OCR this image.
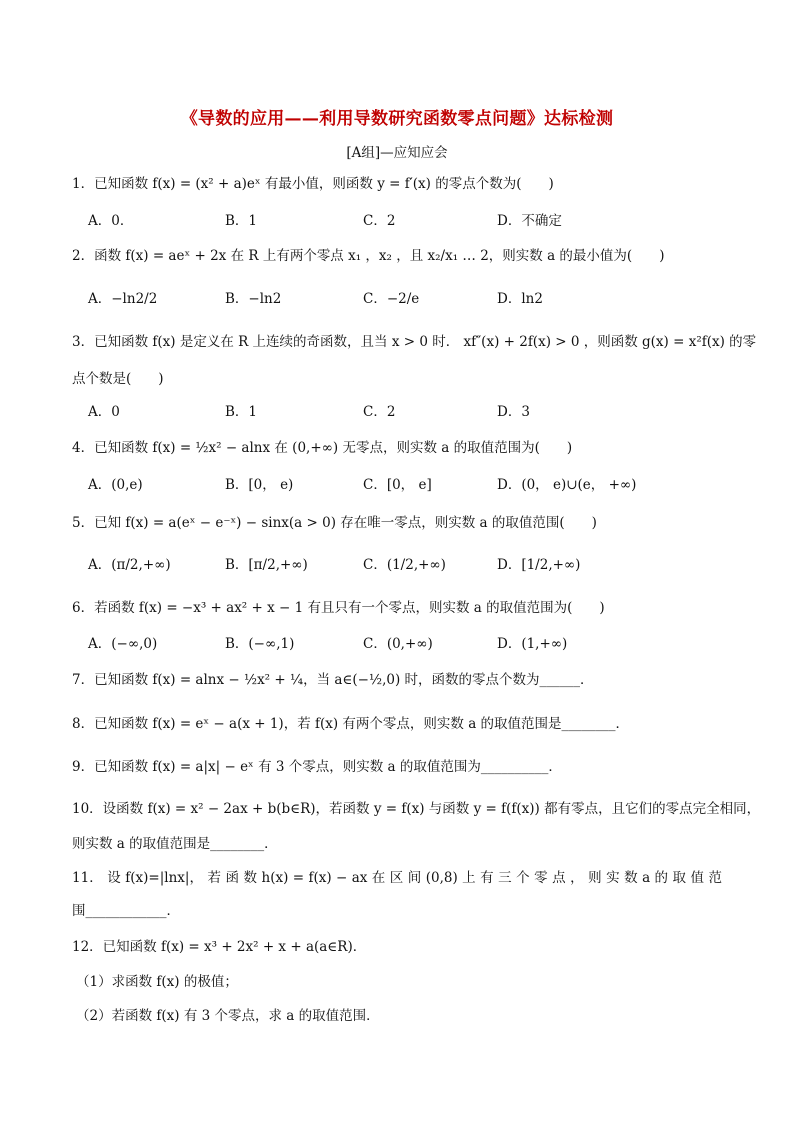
《导数的应用——利用导数研究函数零点问题》达标检测
[A组]—应知应会
1．已知函数 f(x) = (x² + a)eˣ 有最小值，则函数 y = f′(x) 的零点个数为(　　)
A．0．	B．1	C．2	D．不确定
2．函数 f(x) = aeˣ + 2x 在 R 上有两个零点 x₁ ，x₂ ，且 x₂/x₁ … 2，则实数 a 的最小值为(　　)
A．−ln2/2	B．−ln2	C．−2/e	D．ln2
3．已知函数 f(x) 是定义在 R 上连续的奇函数，且当 x > 0 时． xf″(x) + 2f(x) > 0 ，则函数 g(x) = x²f(x) 的零
点个数是(　　)
A．0	B．1	C．2	D．3
4．已知函数 f(x) = ½x² − alnx 在 (0,+∞) 无零点，则实数 a 的取值范围为(　　)
A．(0,e)	B．[0， e)	C．[0， e]	D．(0， e)∪(e， +∞)
5．已知 f(x) = a(eˣ − e⁻ˣ) − sinx(a > 0) 存在唯一零点，则实数 a 的取值范围(　　)
A．(π/2,+∞)	B．[π/2,+∞)	C．(1/2,+∞)	D．[1/2,+∞)
6．若函数 f(x) = −x³ + ax² + x − 1 有且只有一个零点，则实数 a 的取值范围为(　　)
A．(−∞,0)	B．(−∞,1)	C．(0,+∞)	D．(1,+∞)
7．已知函数 f(x) = alnx − ½x² + ¼，当 a∈(−½,0) 时，函数的零点个数为______．
8．已知函数 f(x) = eˣ − a(x + 1)，若 f(x) 有两个零点，则实数 a 的取值范围是________．
9．已知函数 f(x) = a|x| − eˣ 有 3 个零点，则实数 a 的取值范围为__________．
10．设函数 f(x) = x² − 2ax + b(b∈R)，若函数 y = f(x) 与函数 y = f(f(x)) 都有零点，且它们的零点完全相同，
则实数 a 的取值范围是________．
11． 设 f(x)=|lnx|， 若 函 数 h(x) = f(x) − ax 在 区 间 (0,8) 上 有 三 个 零 点 ， 则 实 数 a 的 取 值 范
围____________．
12．已知函数 f(x) = x³ + 2x² + x + a(a∈R)．
（1）求函数 f(x) 的极值；
（2）若函数 f(x) 有 3 个零点，求 a 的取值范围．
